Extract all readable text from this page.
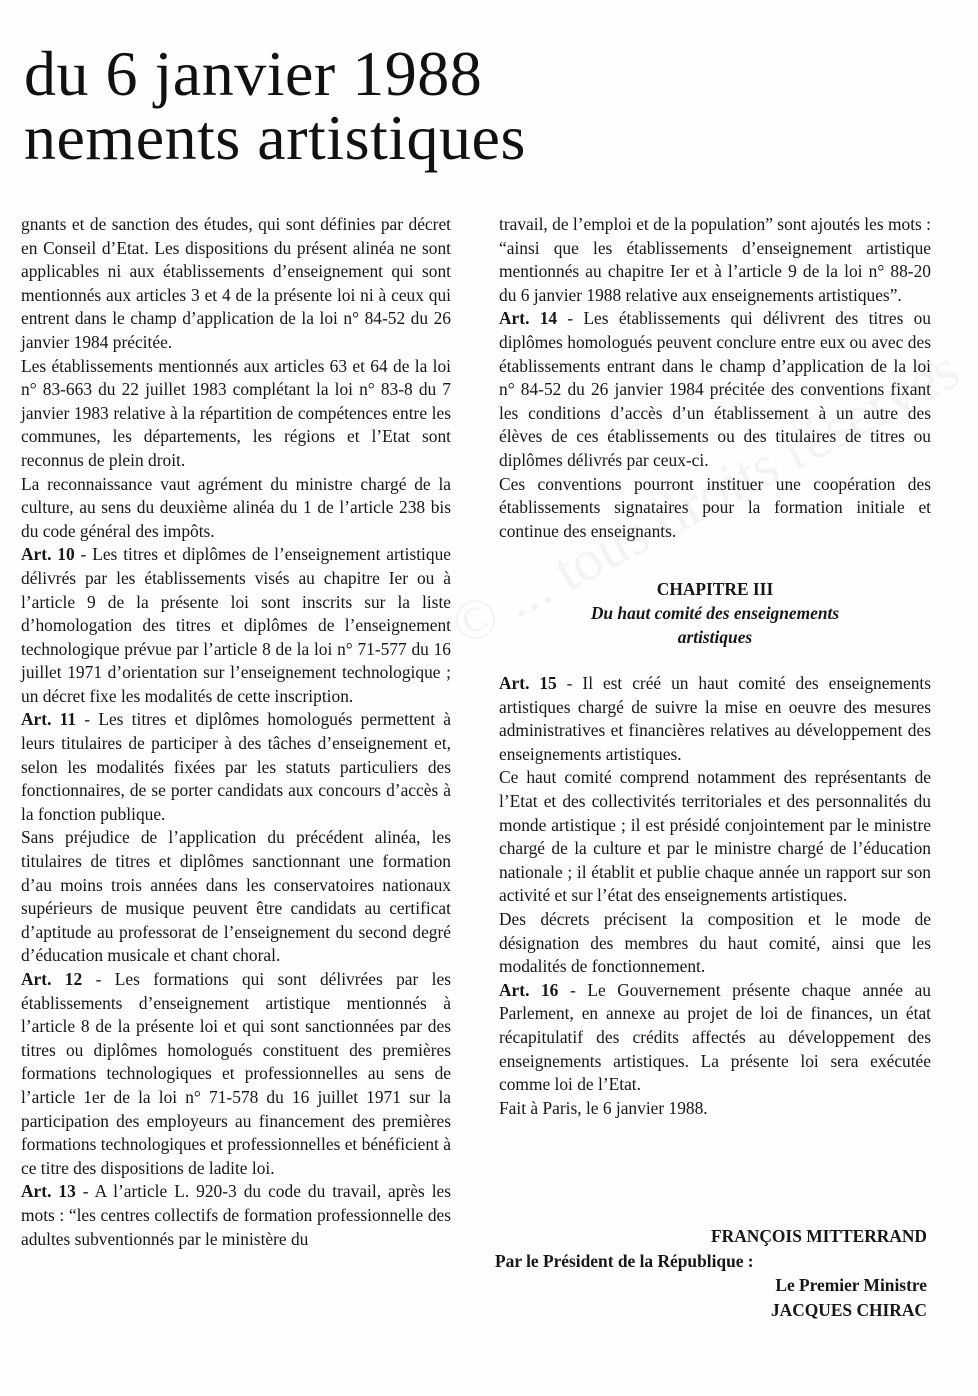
du 6 janvier 1988
nements artistiques

gnants et de sanction des études, qui sont définies par décret en Conseil d’Etat. Les dispositions du présent alinéa ne sont applicables ni aux établissements d’enseignement qui sont mentionnés aux articles 3 et 4 de la présente loi ni à ceux qui entrent dans le champ d’application de la loi n° 84-52 du 26 janvier 1984 précitée.

Les établissements mentionnés aux articles 63 et 64 de la loi n° 83-663 du 22 juillet 1983 complétant la loi n° 83-8 du 7 janvier 1983 relative à la répartition de compétences entre les communes, les départements, les régions et l’Etat sont reconnus de plein droit.

La reconnaissance vaut agrément du ministre chargé de la culture, au sens du deuxième alinéa du 1 de l’article 238 bis du code général des impôts.

Art. 10 - Les titres et diplômes de l’enseignement artistique délivrés par les établissements visés au chapitre Ier ou à l’article 9 de la présente loi sont inscrits sur la liste d’homologation des titres et diplômes de l’enseignement technologique prévue par l’article 8 de la loi n° 71-577 du 16 juillet 1971 d’orientation sur l’enseignement technologique ; un décret fixe les modalités de cette inscription.

Art. 11 - Les titres et diplômes homologués permettent à leurs titulaires de participer à des tâches d’enseignement et, selon les modalités fixées par les statuts particuliers des fonctionnaires, de se porter candidats aux concours d’accès à la fonction publique.

Sans préjudice de l’application du précédent alinéa, les titulaires de titres et diplômes sanctionnant une formation d’au moins trois années dans les conservatoires nationaux supérieurs de musique peuvent être candidats au certificat d’aptitude au professorat de l’enseignement du second degré d’éducation musicale et chant choral.

Art. 12 - Les formations qui sont délivrées par les établissements d’enseignement artistique mentionnés à l’article 8 de la présente loi et qui sont sanctionnées par des titres ou diplômes homologués constituent des premières formations technologiques et professionnelles au sens de l’article 1er de la loi n° 71-578 du 16 juillet 1971 sur la participation des employeurs au financement des premières formations technologiques et professionnelles et bénéficient à ce titre des dispositions de ladite loi.

Art. 13 - A l’article L. 920-3 du code du travail, après les mots : “les centres collectifs de formation professionnelle des adultes subventionnés par le ministère du

travail, de l’emploi et de la population” sont ajoutés les mots : “ainsi que les établissements d’enseignement artistique mentionnés au chapitre Ier et à l’article 9 de la loi n° 88-20 du 6 janvier 1988 relative aux enseignements artistiques”.

Art. 14 - Les établissements qui délivrent des titres ou diplômes homologués peuvent conclure entre eux ou avec des établissements entrant dans le champ d’application de la loi n° 84-52 du 26 janvier 1984 précitée des conventions fixant les conditions d’accès d’un établissement à un autre des élèves de ces établissements ou des titulaires de titres ou diplômes délivrés par ceux-ci.

Ces conventions pourront instituer une coopération des établissements signataires pour la formation initiale et continue des enseignants.

CHAPITRE III
Du haut comité des enseignements
artistiques

Art. 15 - Il est créé un haut comité des enseignements artistiques chargé de suivre la mise en oeuvre des mesures administratives et financières relatives au développement des enseignements artistiques.

Ce haut comité comprend notamment des représentants de l’Etat et des collectivités territoriales et des personnalités du monde artistique ; il est présidé conjointement par le ministre chargé de la culture et par le ministre chargé de l’éducation nationale ; il établit et publie chaque année un rapport sur son activité et sur l’état des enseignements artistiques.

Des décrets précisent la composition et le mode de désignation des membres du haut comité, ainsi que les modalités de fonctionnement.

Art. 16 - Le Gouvernement présente chaque année au Parlement, en annexe au projet de loi de finances, un état récapitulatif des crédits affectés au développement des enseignements artistiques. La présente loi sera exécutée comme loi de l’Etat.

Fait à Paris, le 6 janvier 1988.

FRANÇOIS MITTERRAND
Par le Président de la République :
Le Premier Ministre
JACQUES CHIRAC
